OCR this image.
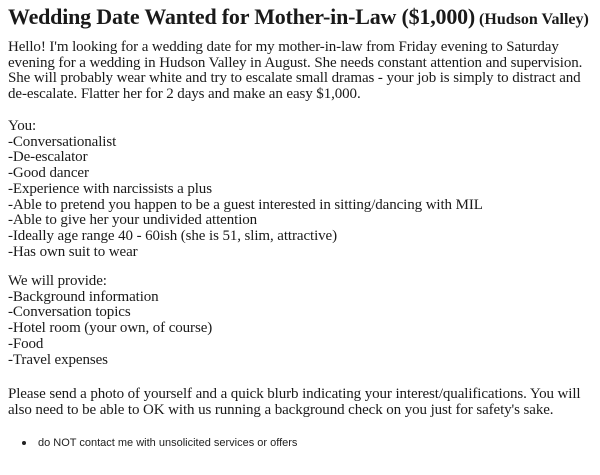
Wedding Date Wanted for Mother-in-Law ($1,000) (Hudson Valley)
Hello! I'm looking for a wedding date for my mother-in-law from Friday evening to Saturday evening for a wedding in Hudson Valley in August. She needs constant attention and supervision. She will probably wear white and try to escalate small dramas - your job is simply to distract and de-escalate. Flatter her for 2 days and make an easy $1,000.
You:
-Conversationalist
-De-escalator
-Good dancer
-Experience with narcissists a plus
-Able to pretend you happen to be a guest interested in sitting/dancing with MIL
-Able to give her your undivided attention
-Ideally age range 40 - 60ish (she is 51, slim, attractive)
-Has own suit to wear
We will provide:
-Background information
-Conversation topics
-Hotel room (your own, of course)
-Food
-Travel expenses
Please send a photo of yourself and a quick blurb indicating your interest/qualifications. You will also need to be able to OK with us running a background check on you just for safety's sake.
do NOT contact me with unsolicited services or offers
